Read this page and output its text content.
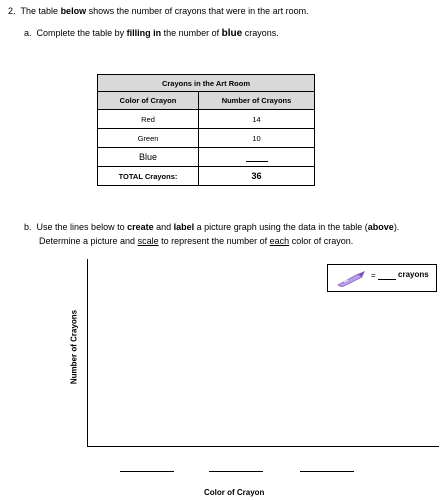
2. The table below shows the number of crayons that were in the art room.
a. Complete the table by filling in the number of blue crayons.
Crayons in the Art Room	
Color of Crayon	Number of Crayons
Red	14
Green	10
Blue	
TOTAL Crayons:	36
b. Use the lines below to create and label a picture graph using the data in the table (above).
Determine a picture and scale to represent the number of each color of crayon.
Number of Crayons
Color of Crayon
=	crayons
